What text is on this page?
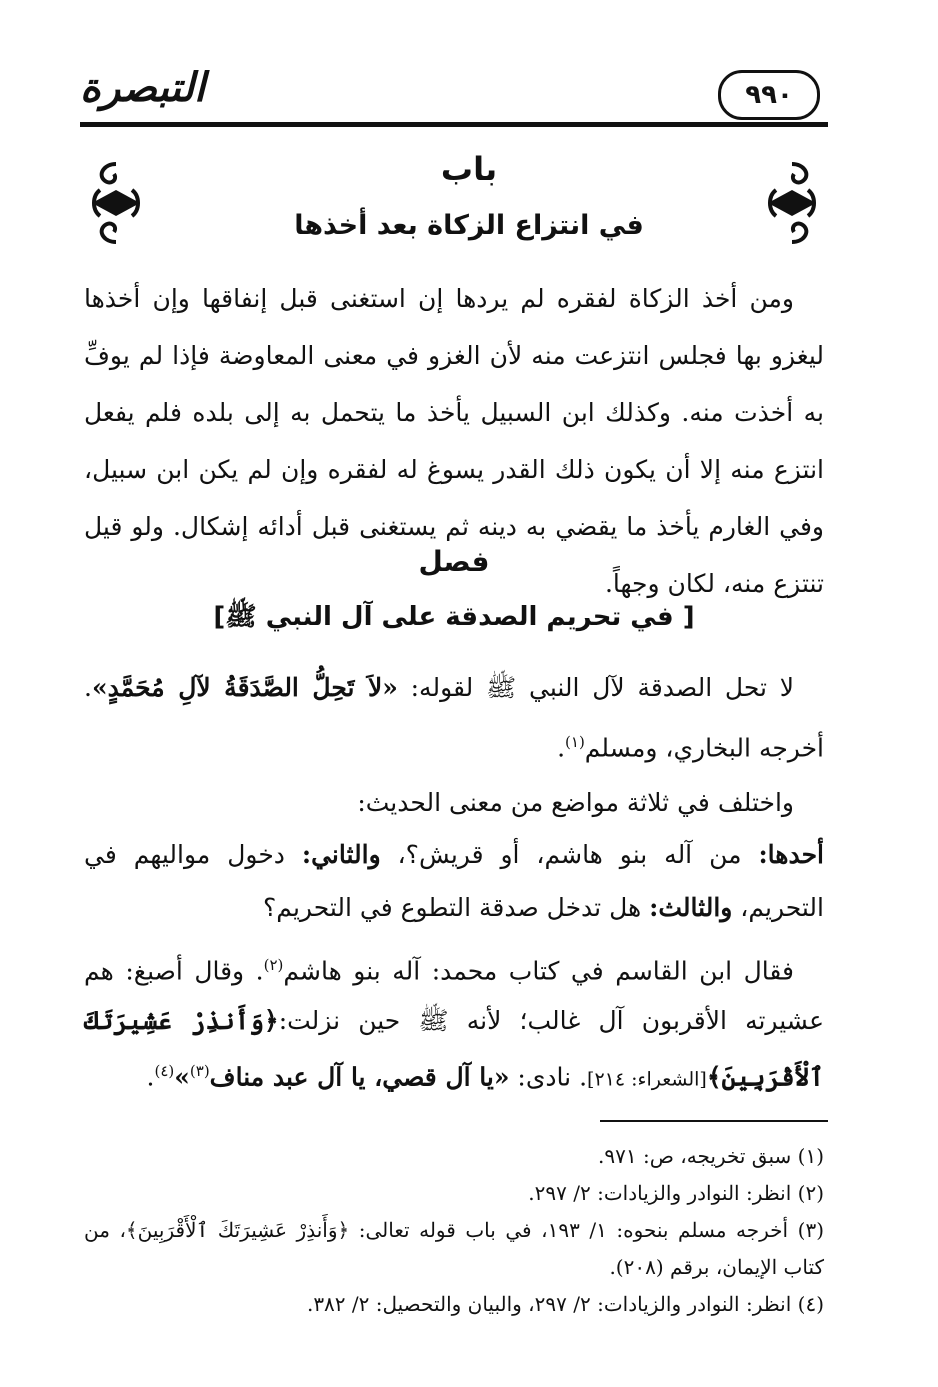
التبصرة	٩٩٠
باب
في انتزاع الزكاة بعد أخذها
ومن أخذ الزكاة لفقره لم يردها إن استغنى قبل إنفاقها وإن أخذها ليغزو بها فجلس انتزعت منه لأن الغزو في معنى المعاوضة فإذا لم يوفِّ به أخذت منه. وكذلك ابن السبيل يأخذ ما يتحمل به إلى بلده فلم يفعل انتزع منه إلا أن يكون ذلك القدر يسوغ له لفقره وإن لم يكن ابن سبيل، وفي الغارم يأخذ ما يقضي به دينه ثم يستغنى قبل أدائه إشكال. ولو قيل تنتزع منه، لكان وجهاً.
فصل
[ في تحريم الصدقة على آل النبي ﷺ]
لا تحل الصدقة لآل النبي ﷺ لقوله: «لاَ تَحِلُّ الصَّدَقَةُ لآلِ مُحَمَّدٍ». أخرجه البخاري، ومسلم$^{(١)}$.
واختلف في ثلاثة مواضع من معنى الحديث:
أحدها: من آله بنو هاشم، أو قريش؟، والثاني: دخول مواليهم في التحريم، والثالث: هل تدخل صدقة التطوع في التحريم؟
فقال ابن القاسم في كتاب محمد: آله بنو هاشم$^{(٢)}$. وقال أصبغ: هم عشيرته الأقربون آل غالب؛ لأنه ﷺ حين نزلت:﴿وَأَنذِرْ عَشِيرَتَكَ ٱلْأَقْرَبِينَ﴾[الشعراء: ٢١٤]. نادى: «يا آل قصي، يا آل عبد مناف$^{(٣)}$»$^{(٤)}$.

(١) سبق تخريجه، ص: ٩٧١.

(٢) انظر: النوادر والزيادات: ٢/ ٢٩٧.

(٣) أخرجه مسلم بنحوه: ١/ ١٩٣، في باب قوله تعالى: ﴿وَأَنذِرْ عَشِيرَتَكَ ٱلْأَقْرَبِينَ﴾، من كتاب الإيمان، برقم (٢٠٨).

(٤) انظر: النوادر والزيادات: ٢/ ٢٩٧، والبيان والتحصيل: ٢/ ٣٨٢.
